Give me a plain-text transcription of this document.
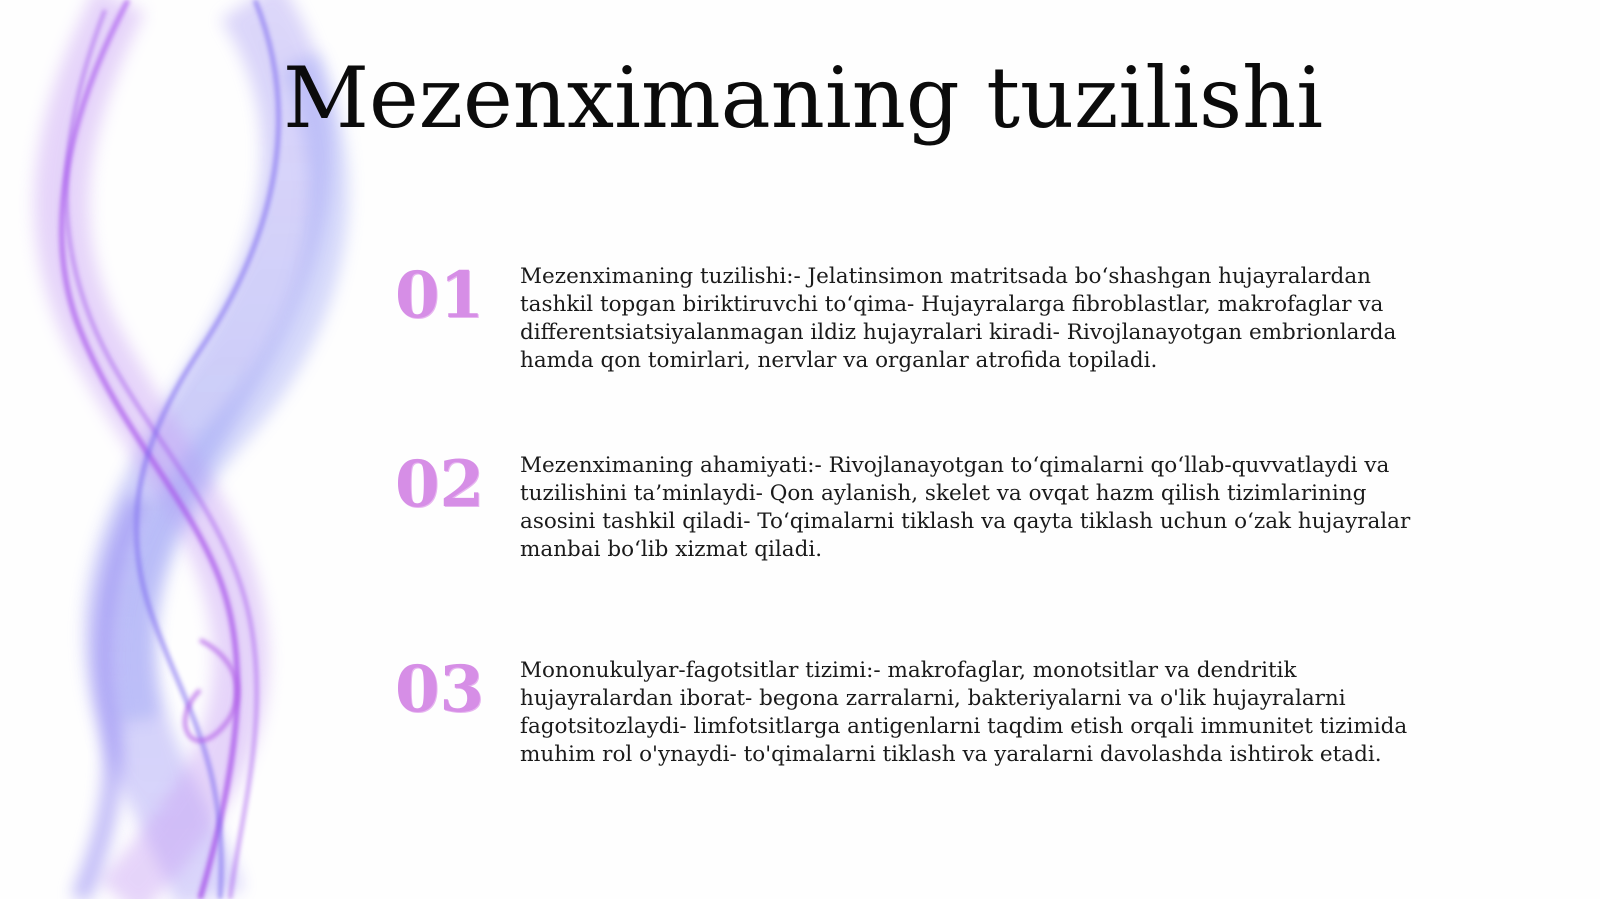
Mezenximaning tuzilishi
01 Mezenximaning tuzilishi:- Jelatinsimon matritsada bo‘shashgan hujayralardan tashkil topgan biriktiruvchi to‘qima- Hujayralarga fibroblastlar, makrofaglar va differentsiatsiyalanmagan ildiz hujayralari kiradi- Rivojlanayotgan embrionlarda hamda qon tomirlari, nervlar va organlar atrofida topiladi.
02 Mezenximaning ahamiyati:- Rivojlanayotgan to‘qimalarni qo‘llab-quvvatlaydi va tuzilishini ta’minlaydi- Qon aylanish, skelet va ovqat hazm qilish tizimlarining asosini tashkil qiladi- To‘qimalarni tiklash va qayta tiklash uchun o‘zak hujayralar manbai bo‘lib xizmat qiladi.
03 Mononukulyar-fagotsitlar tizimi:- makrofaglar, monotsitlar va dendritik hujayralardan iborat- begona zarralarni, bakteriyalarni va o'lik hujayralarni fagotsitozlaydi- limfotsitlarga antigenlarni taqdim etish orqali immunitet tizimida muhim rol o'ynaydi- to'qimalarni tiklash va yaralarni davolashda ishtirok etadi.
